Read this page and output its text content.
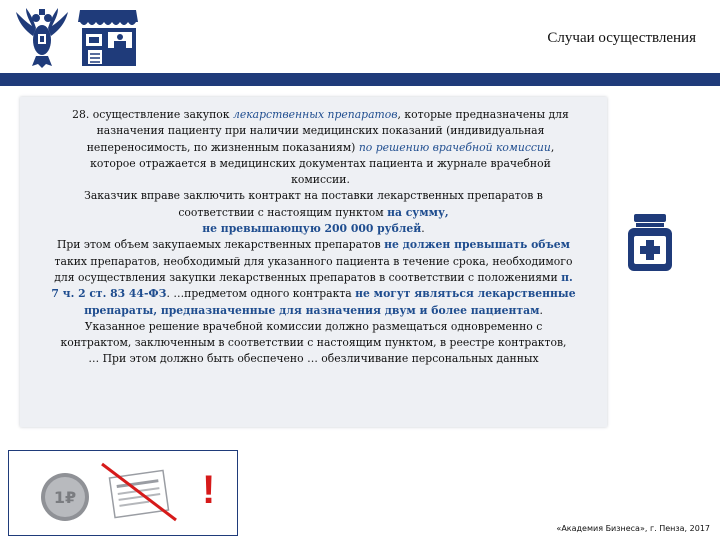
Случаи осуществления
28. осуществление закупок лекарственных препаратов, которые предназначены для назначения пациенту при наличии медицинских показаний (индивидуальная непереносимость, по жизненным показаниям) по решению врачебной комиссии, которое отражается в медицинских документах пациента и журнале врачебной комиссии.
Заказчик вправе заключить контракт на поставки лекарственных препаратов в соответствии с настоящим пунктом на сумму,
не превышающую 200 000 рублей.
При этом объем закупаемых лекарственных препаратов не должен превышать объем таких препаратов, необходимый для указанного пациента в течение срока, необходимого для осуществления закупки лекарственных препаратов в соответствии с положениями п. 7 ч. 2 ст. 83 44-ФЗ. …предметом одного контракта не могут являться лекарственные препараты, предназначенные для назначения двум и более пациентам.
Указанное решение врачебной комиссии должно размещаться одновременно с контрактом, заключенным в соответствии с настоящим пунктом, в реестре контрактов, … При этом должно быть обеспечено … обезличивание персональных данных
1₽	!
«Академия Бизнеса», г. Пенза, 2017
